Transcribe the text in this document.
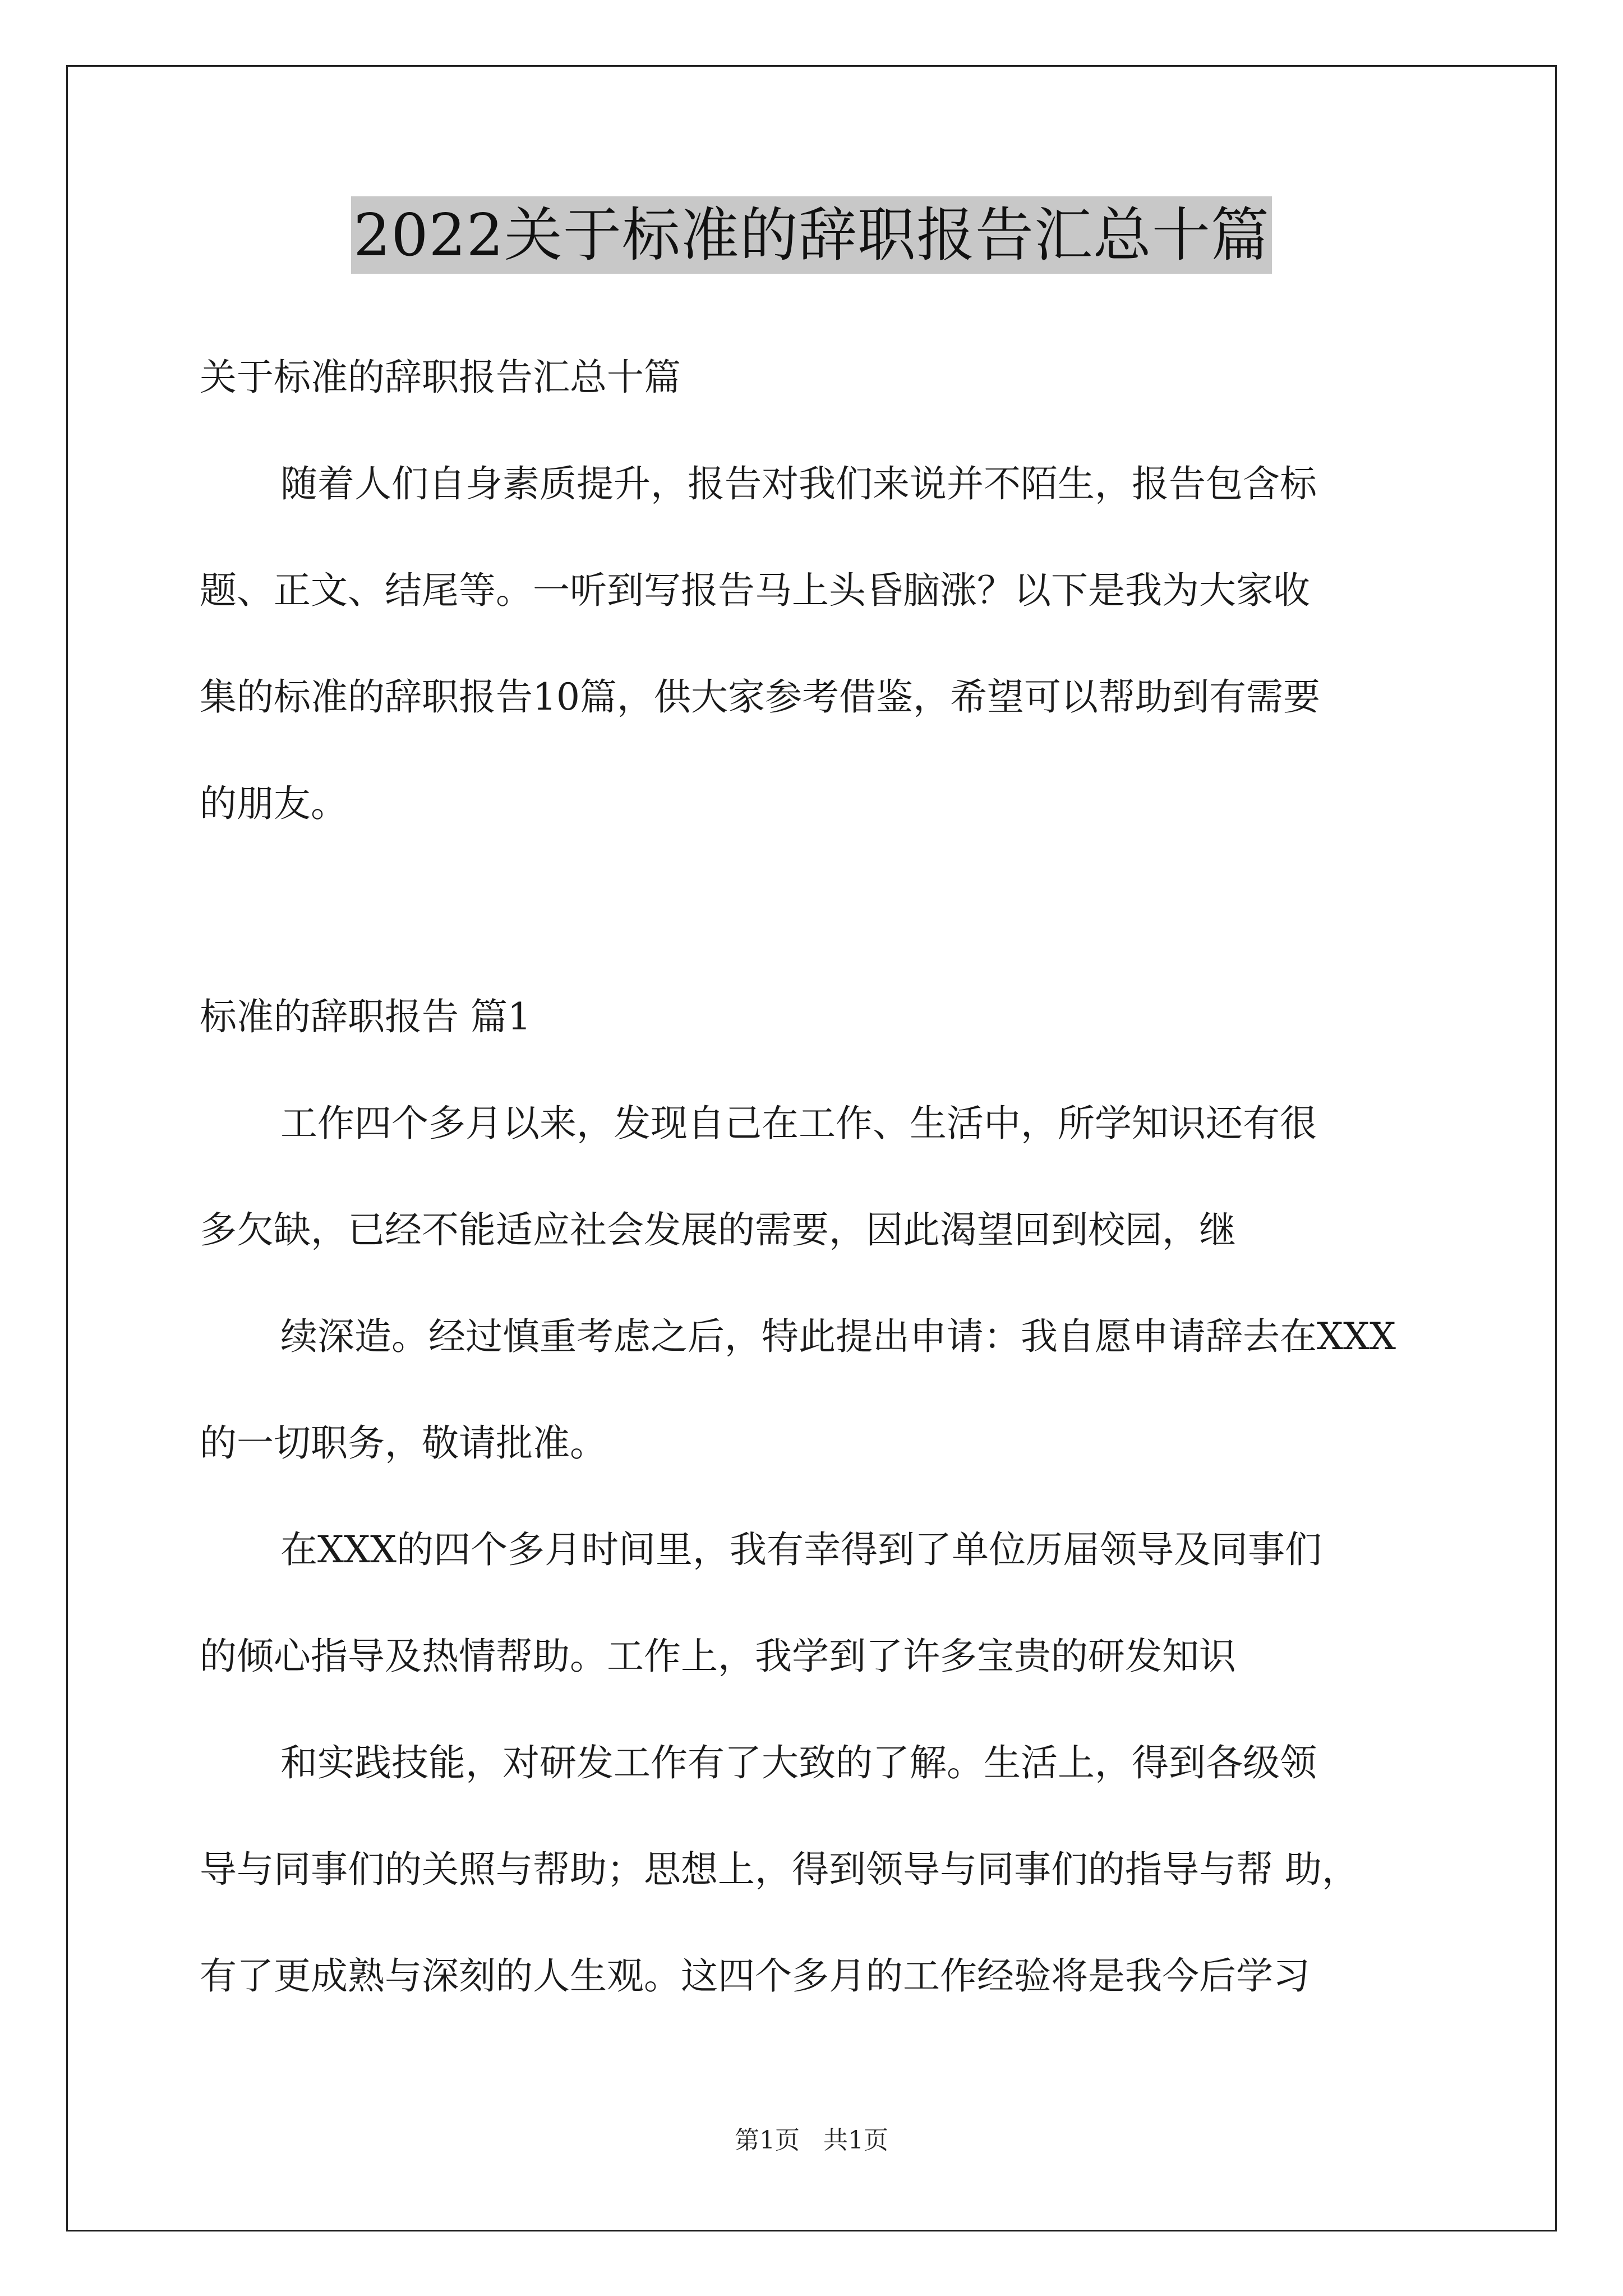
2022关于标准的辞职报告汇总十篇
关于标准的辞职报告汇总十篇
随着人们自身素质提升，报告对我们来说并不陌生，报告包含标
题、正文、结尾等。一听到写报告马上头昏脑涨？以下是我为大家收
集的标准的辞职报告10篇，供大家参考借鉴，希望可以帮助到有需要
的朋友。
标准的辞职报告 篇1
工作四个多月以来，发现自己在工作、生活中，所学知识还有很
多欠缺，已经不能适应社会发展的需要，因此渴望回到校园，继
续深造。经过慎重考虑之后，特此提出申请：我自愿申请辞去在XXX
的一切职务，敬请批准。
在XXX的四个多月时间里，我有幸得到了单位历届领导及同事们
的倾心指导及热情帮助。工作上，我学到了许多宝贵的研发知识
和实践技能，对研发工作有了大致的了解。生活上，得到各级领
导与同事们的关照与帮助；思想上，得到领导与同事们的指导与帮 助，
有了更成熟与深刻的人生观。这四个多月的工作经验将是我今后学习
第1页   共1页
